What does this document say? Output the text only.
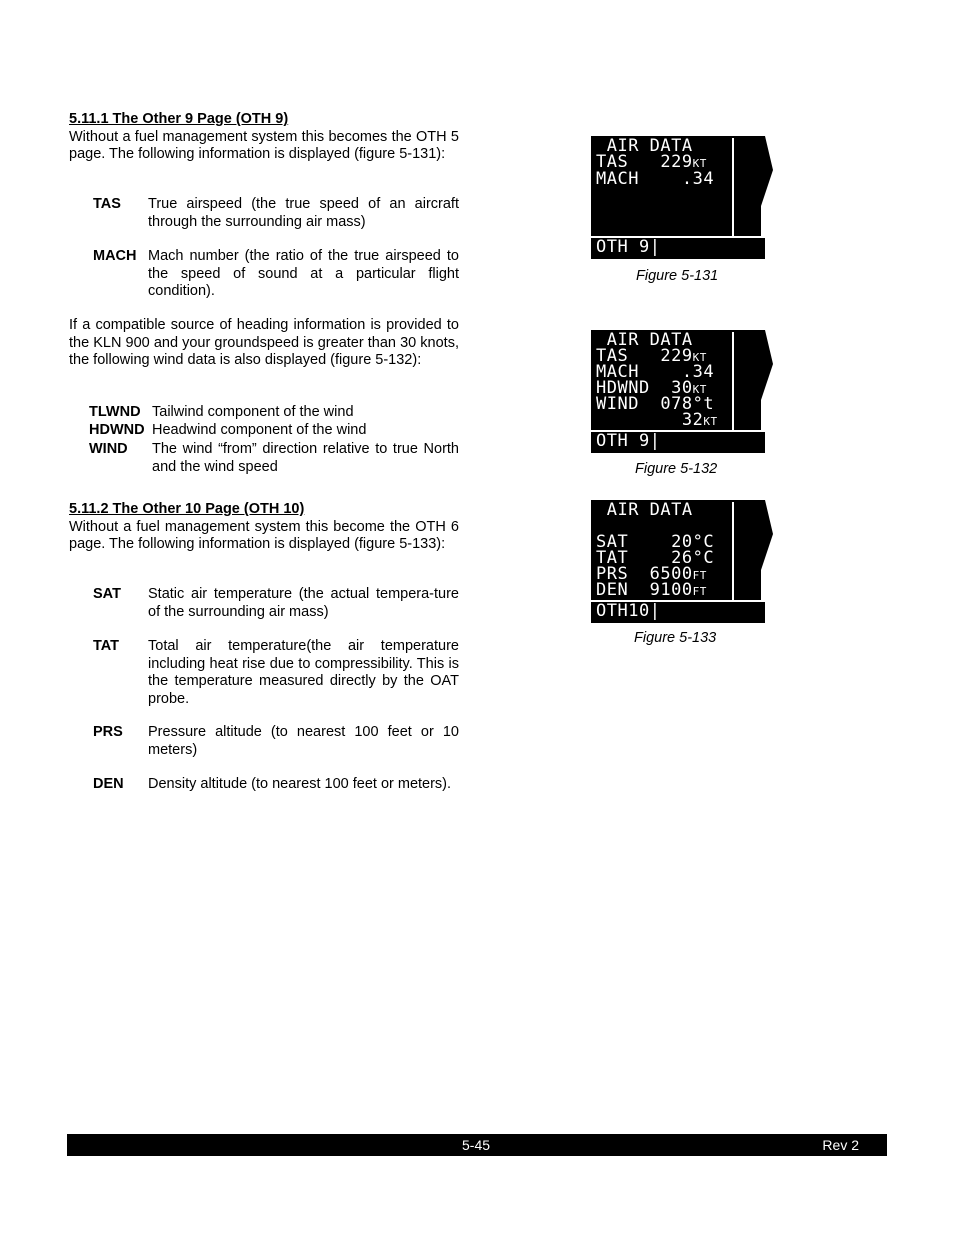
5.11.1 The Other 9 Page (OTH 9)
Without a fuel management system this becomes the OTH 5 page. The following information is displayed (figure 5-131):
TAS	True airspeed (the true speed of an aircraft through the surrounding air mass)
MACH Mach number (the ratio of the true airspeed to the speed of sound at a particular flight condition).
If a compatible source of heading information is provided to the KLN 900 and your groundspeed is greater than 30 knots, the following wind data is also displayed (figure 5-132):
TLWND Tailwind component of the wind
HDWND Headwind component of the wind
WIND	The wind “from” direction relative to true North and the wind speed
5.11.2 The Other 10 Page (OTH 10)
Without a fuel management system this become the OTH 6 page. The following information is displayed (figure 5-133):
SAT	Static air temperature (the actual tempera-ture of the surrounding air mass)
TAT	Total air temperature(the air temperature including heat rise due to compressibility. This is the temperature measured directly by the OAT probe.
PRS	Pressure altitude (to nearest 100 feet or 10 meters)
DEN	Density altitude (to nearest 100 feet or meters).
AIR DATA
TAS   229KT
MACH    .34
OTH 9|
Figure 5-131
AIR DATA
TAS   229KT
MACH    .34
HDWND  30KT
WIND  078°t
32KT
OTH 9|
Figure 5-132
AIR DATA
SAT    20°C
TAT    26°C
PRS  6500FT
DEN  9100FT
OTH10|
Figure 5-133
5-45	Rev 2
